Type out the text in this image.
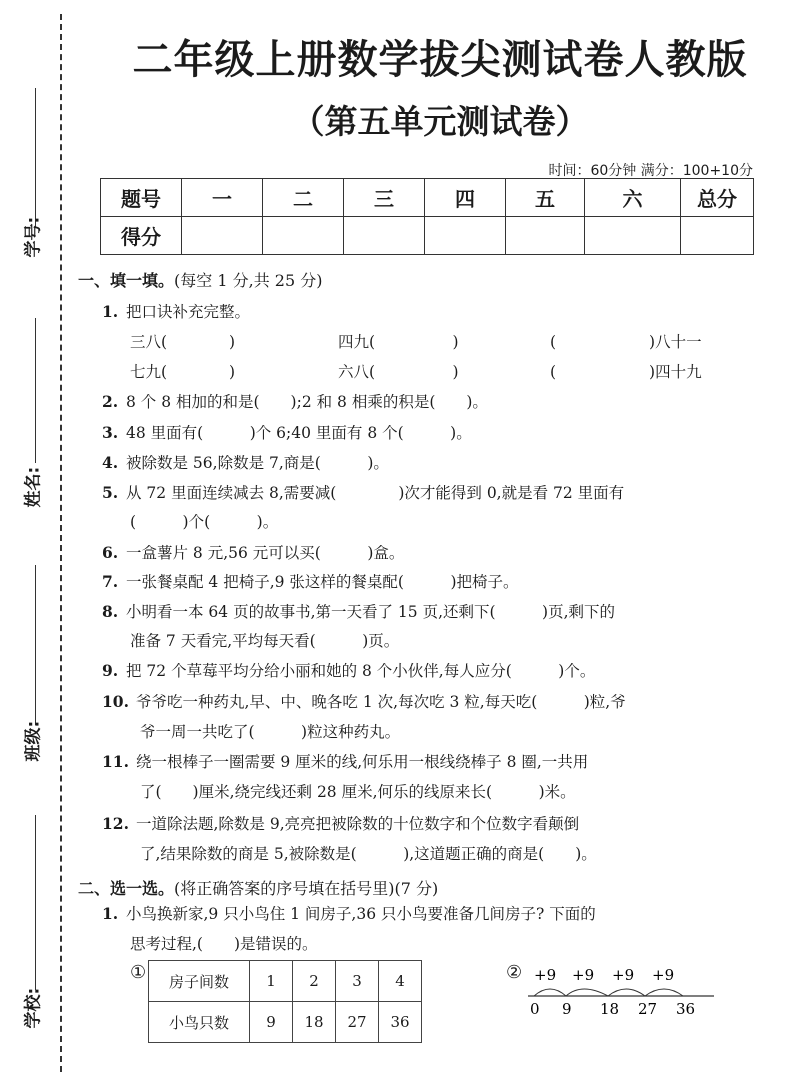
学号:
姓名:
班级:
学校:
二年级上册数学拔尖测试卷人教版
（第五单元测试卷）
时间：60分钟 满分：100+10分
题号	一	二	三	四	五	六	总分
得分							
一、填一填。(每空 1 分,共 25 分)
1. 把口诀补充完整。
三八(　　　　)	四九(　　　　　)	(　　　　　　)八十一
七九(　　　　)	六八(　　　　　)	(　　　　　　)四十九
2. 8 个 8 相加的和是(　　);2 和 8 相乘的积是(　　)。
3. 48 里面有(　　　)个 6;40 里面有 8 个(　　　)。
4. 被除数是 56,除数是 7,商是(　　　)。
5. 从 72 里面连续减去 8,需要减(　　　　)次才能得到 0,就是看 72 里面有
(　　　)个(　　　)。
6. 一盒薯片 8 元,56 元可以买(　　　)盒。
7. 一张餐桌配 4 把椅子,9 张这样的餐桌配(　　　)把椅子。
8. 小明看一本 64 页的故事书,第一天看了 15 页,还剩下(　　　)页,剩下的
准备 7 天看完,平均每天看(　　　)页。
9. 把 72 个草莓平均分给小丽和她的 8 个小伙伴,每人应分(　　　)个。
10. 爷爷吃一种药丸,早、中、晚各吃 1 次,每次吃 3 粒,每天吃(　　　)粒,爷
爷一周一共吃了(　　　)粒这种药丸。
11. 绕一根棒子一圈需要 9 厘米的线,何乐用一根线绕棒子 8 圈,一共用
了(　　)厘米,绕完线还剩 28 厘米,何乐的线原来长(　　　)米。
12. 一道除法题,除数是 9,亮亮把被除数的十位数字和个位数字看颠倒
了,结果除数的商是 5,被除数是(　　　),这道题正确的商是(　　)。
二、选一选。(将正确答案的序号填在括号里)(7 分)
1. 小鸟换新家,9 只小鸟住 1 间房子,36 只小鸟要准备几间房子? 下面的
思考过程,(　　)是错误的。
① 房子间数	1	2	3	4
小鸟只数	9	18	27	36
② +9 +9 +9 +9
0 9 18 27 36
